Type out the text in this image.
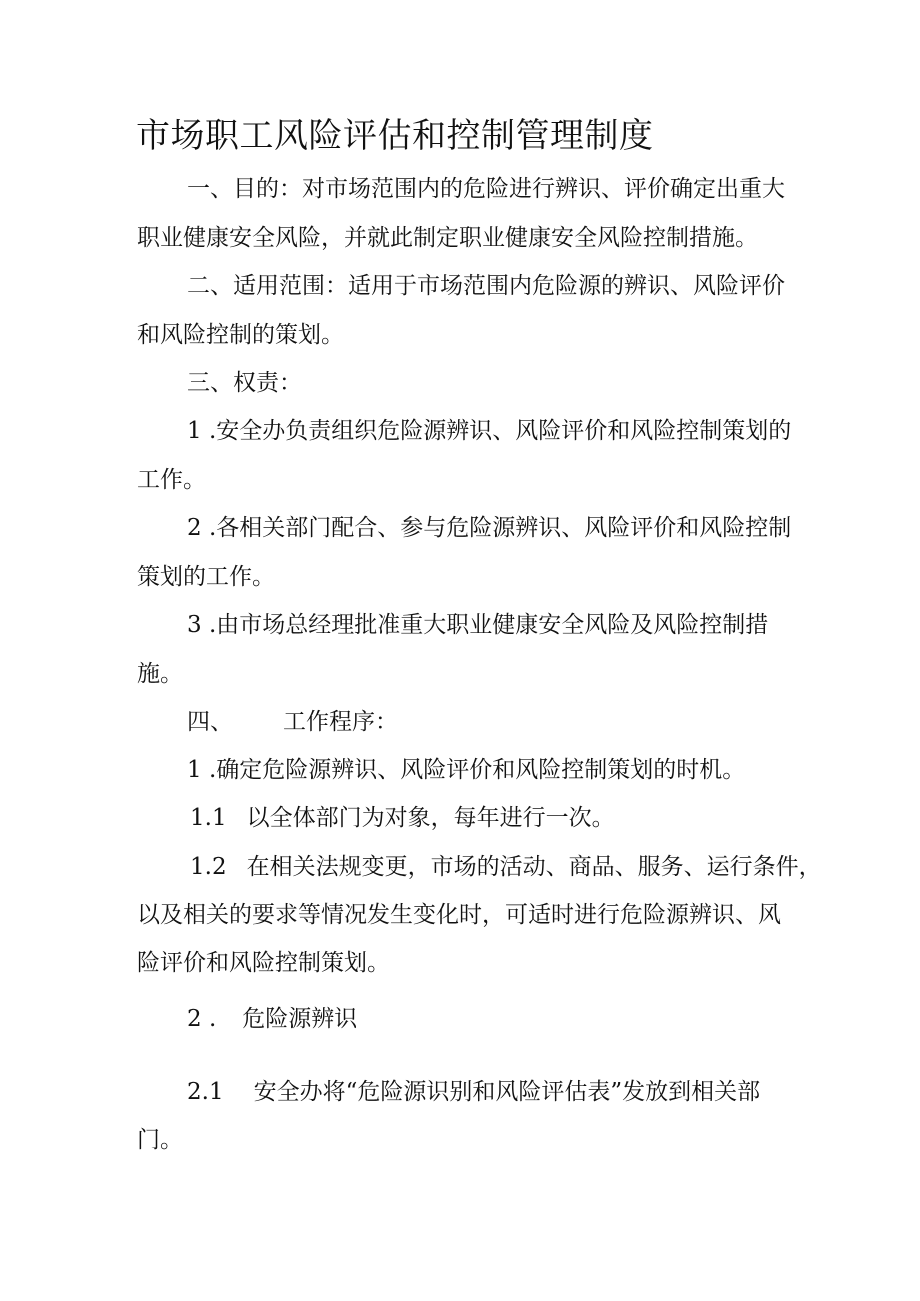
市场职工风险评估和控制管理制度
一、目的：对市场范围内的危险进行辨识、评价确定出重大
职业健康安全风险，并就此制定职业健康安全风险控制措施。
二、适用范围：适用于市场范围内危险源的辨识、风险评价
和风险控制的策划。
三、权责：
1 .安全办负责组织危险源辨识、风险评价和风险控制策划的
工作。
2 .各相关部门配合、参与危险源辨识、风险评价和风险控制
策划的工作。
3 .由市场总经理批准重大职业健康安全风险及风险控制措
施。
四、 工作程序：
1 .确定危险源辨识、风险评价和风险控制策划的时机。
1.1 以全体部门为对象，每年进行一次。
1.2 在相关法规变更，市场的活动、商品、服务、运行条件，
以及相关的要求等情况发生变化时，可适时进行危险源辨识、风
险评价和风险控制策划。
2 . 危险源辨识
2.1 安全办将“危险源识别和风险评估表”发放到相关部
门。
